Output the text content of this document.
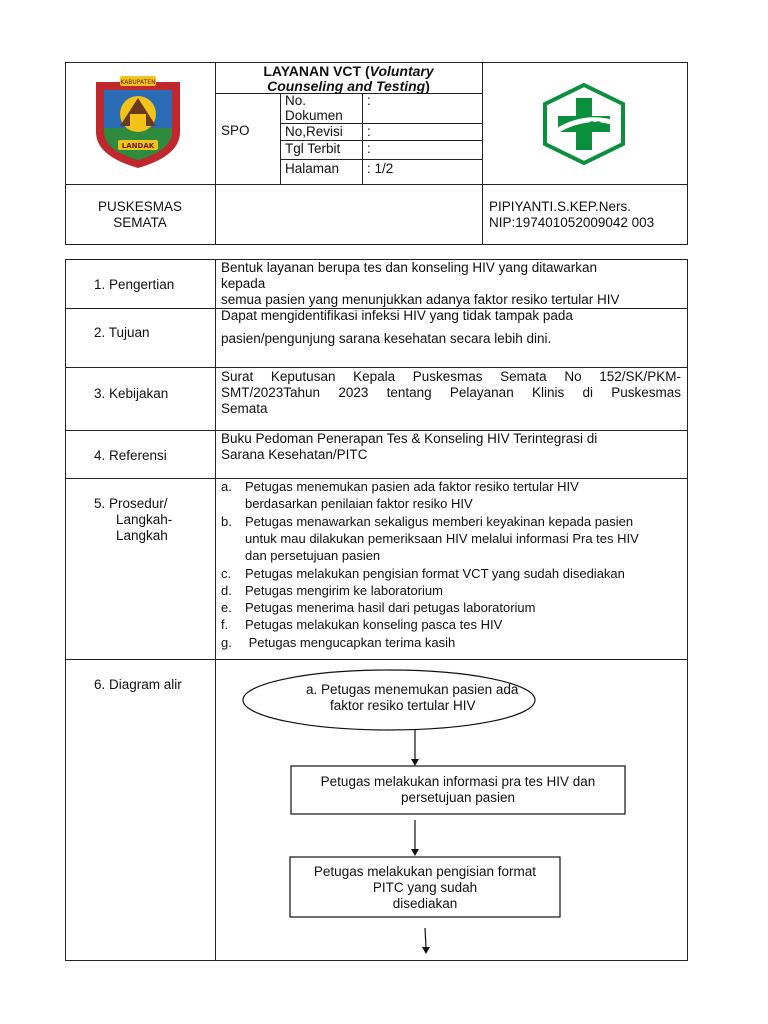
KABUPATEN
LANDAK
LAYANAN VCT (Voluntary
Counseling and Testing)
SPO
No. Dokumen
No,Revisi
Tgl Terbit
Halaman
:
:
:
: 1/2
PUSKESMAS
SEMATA
PIPIYANTI.S.KEP.Ners.
NIP:197401052009042 003
1. Pengertian
Bentuk layanan berupa tes dan konseling HIV yang ditawarkan
kepada
semua pasien yang menunjukkan adanya faktor resiko tertular HIV
2. Tujuan
Dapat mengidentifikasi infeksi HIV yang tidak tampak pada
pasien/pengunjung sarana kesehatan secara lebih dini.
3. Kebijakan
Surat Keputusan Kepala Puskesmas Semata No 152/SK/PKM-
SMT/2023Tahun 2023 tentang Pelayanan Klinis di Puskesmas
Semata
4. Referensi
Buku Pedoman Penerapan Tes & Konseling HIV Terintegrasi di
Sarana Kesehatan/PITC
5. Prosedur/
Langkah-
Langkah
a. Petugas menemukan pasien ada faktor resiko tertular HIV
berdasarkan penilaian faktor resiko HIV
b. Petugas menawarkan sekaligus memberi keyakinan kepada pasien
untuk mau dilakukan pemeriksaan HIV melalui informasi Pra tes HIV
dan persetujuan pasien
c. Petugas melakukan pengisian format VCT yang sudah disediakan
d. Petugas mengirim ke laboratorium
e. Petugas menerima hasil dari petugas laboratorium
f. Petugas melakukan konseling pasca tes HIV
g. Petugas mengucapkan terima kasih
6. Diagram alir	a. Petugas menemukan pasien ada
faktor resiko tertular HIV
Petugas melakukan informasi pra tes HIV dan
persetujuan pasien
Petugas melakukan pengisian format
PITC yang sudah
disediakan
